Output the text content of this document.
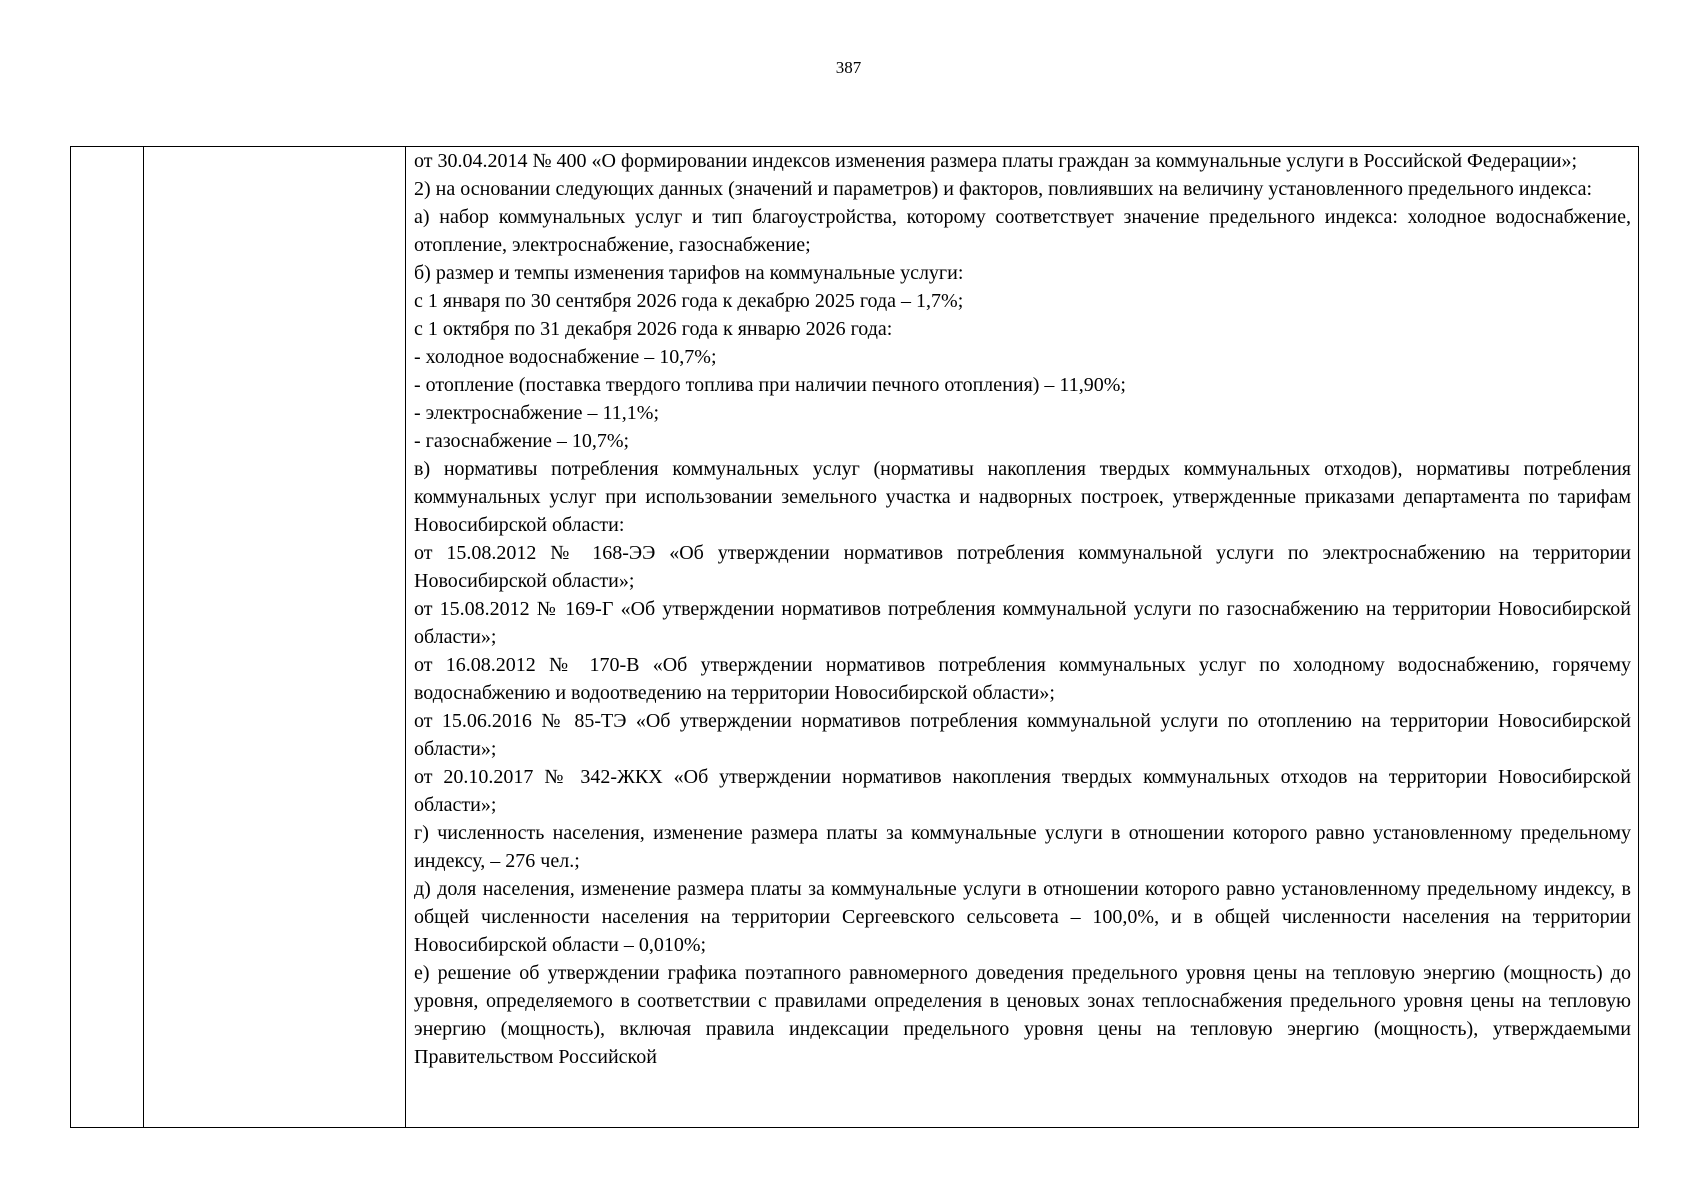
387

от 30.04.2014 № 400 «О формировании индексов изменения размера платы граждан за коммунальные услуги в Российской Федерации»;

2) на основании следующих данных (значений и параметров) и факторов, повлиявших на величину установленного предельного индекса:

а) набор коммунальных услуг и тип благоустройства, которому соответствует значение предельного индекса: холодное водоснабжение, отопление, электроснабжение, газоснабжение;

б) размер и темпы изменения тарифов на коммунальные услуги:

с 1 января по 30 сентября 2026 года к декабрю 2025 года – 1,7%;

с 1 октября по 31 декабря 2026 года к январю 2026 года:

- холодное водоснабжение – 10,7%;

- отопление (поставка твердого топлива при наличии печного отопления) – 11,90%;

- электроснабжение – 11,1%;

- газоснабжение – 10,7%;

в) нормативы потребления коммунальных услуг (нормативы накопления твердых коммунальных отходов), нормативы потребления коммунальных услуг при использовании земельного участка и надворных построек, утвержденные приказами департамента по тарифам Новосибирской области:

от 15.08.2012 № 168-ЭЭ «Об утверждении нормативов потребления коммунальной услуги по электроснабжению на территории Новосибирской области»;

от 15.08.2012 № 169-Г «Об утверждении нормативов потребления коммунальной услуги по газоснабжению на территории Новосибирской области»;

от 16.08.2012 № 170-В «Об утверждении нормативов потребления коммунальных услуг по холодному водоснабжению, горячему водоснабжению и водоотведению на территории Новосибирской области»;

от 15.06.2016 № 85-ТЭ «Об утверждении нормативов потребления коммунальной услуги по отоплению на территории Новосибирской области»;

от 20.10.2017 № 342-ЖКХ «Об утверждении нормативов накопления твердых коммунальных отходов на территории Новосибирской области»;

г) численность населения, изменение размера платы за коммунальные услуги в отношении которого равно установленному предельному индексу, – 276 чел.;

д) доля населения, изменение размера платы за коммунальные услуги в отношении которого равно установленному предельному индексу, в общей численности населения на территории Сергеевского сельсовета – 100,0%, и в общей численности населения на территории Новосибирской области – 0,010%;

е) решение об утверждении графика поэтапного равномерного доведения предельного уровня цены на тепловую энергию (мощность) до уровня, определяемого в соответствии с правилами определения в ценовых зонах теплоснабжения предельного уровня цены на тепловую энергию (мощность), включая правила индексации предельного уровня цены на тепловую энергию (мощность), утверждаемыми Правительством Российской
